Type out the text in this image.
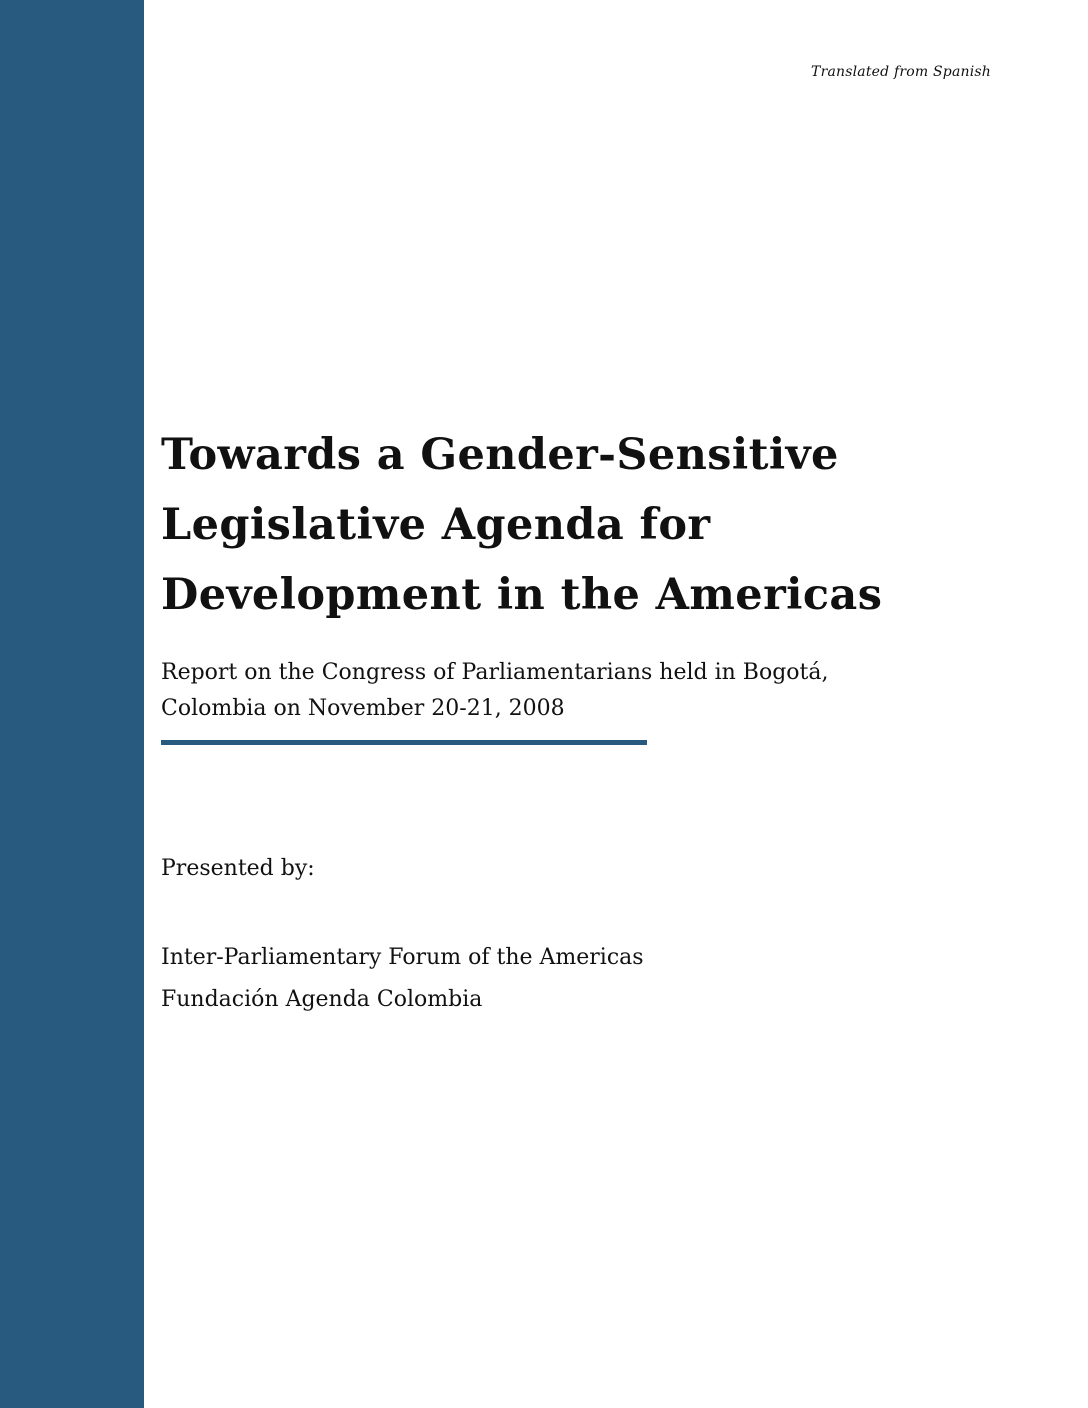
Translated from Spanish
Towards a Gender-Sensitive
Legislative Agenda for
Development in the Americas

Report on the Congress of Parliamentarians held in Bogotá,
Colombia on November 20-21, 2008

Presented by:
Inter-Parliamentary Forum of the Americas
Fundación Agenda Colombia
